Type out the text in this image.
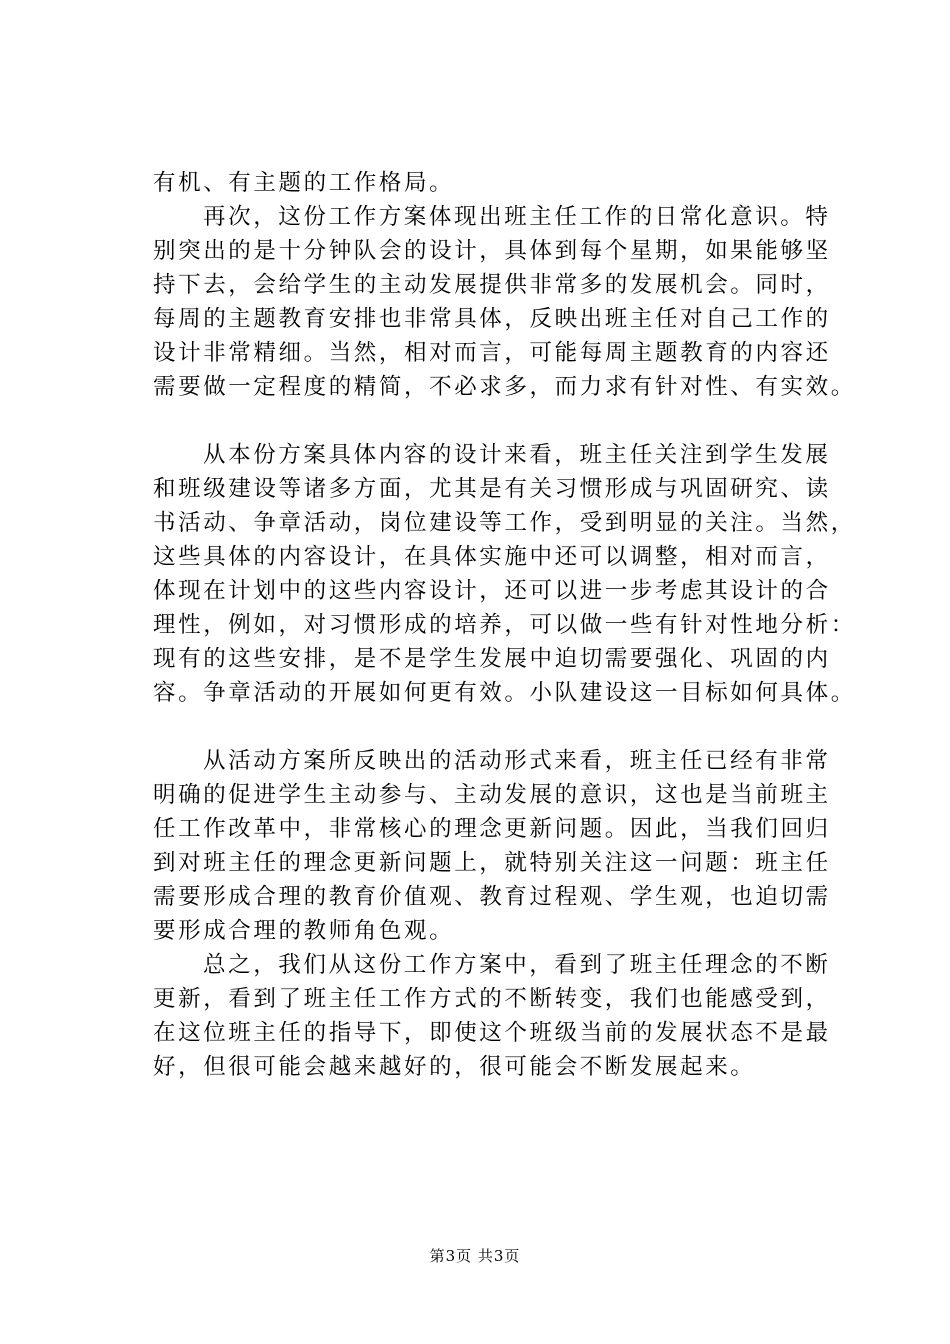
有机、有主题的工作格局。
再次，这份工作方案体现出班主任工作的日常化意识。特
别突出的是十分钟队会的设计，具体到每个星期，如果能够坚
持下去，会给学生的主动发展提供非常多的发展机会。同时，
每周的主题教育安排也非常具体，反映出班主任对自己工作的
设计非常精细。当然，相对而言，可能每周主题教育的内容还
需要做一定程度的精简，不必求多，而力求有针对性、有实效。
从本份方案具体内容的设计来看，班主任关注到学生发展
和班级建设等诸多方面，尤其是有关习惯形成与巩固研究、读
书活动、争章活动，岗位建设等工作，受到明显的关注。当然，
这些具体的内容设计，在具体实施中还可以调整，相对而言，
体现在计划中的这些内容设计，还可以进一步考虑其设计的合
理性，例如，对习惯形成的培养，可以做一些有针对性地分析：
现有的这些安排，是不是学生发展中迫切需要强化、巩固的内
容。争章活动的开展如何更有效。小队建设这一目标如何具体。
从活动方案所反映出的活动形式来看，班主任已经有非常
明确的促进学生主动参与、主动发展的意识，这也是当前班主
任工作改革中，非常核心的理念更新问题。因此，当我们回归
到对班主任的理念更新问题上，就特别关注这一问题：班主任
需要形成合理的教育价值观、教育过程观、学生观，也迫切需
要形成合理的教师角色观。
总之，我们从这份工作方案中，看到了班主任理念的不断
更新，看到了班主任工作方式的不断转变，我们也能感受到，
在这位班主任的指导下，即使这个班级当前的发展状态不是最
好，但很可能会越来越好的，很可能会不断发展起来。
第3页 共3页
